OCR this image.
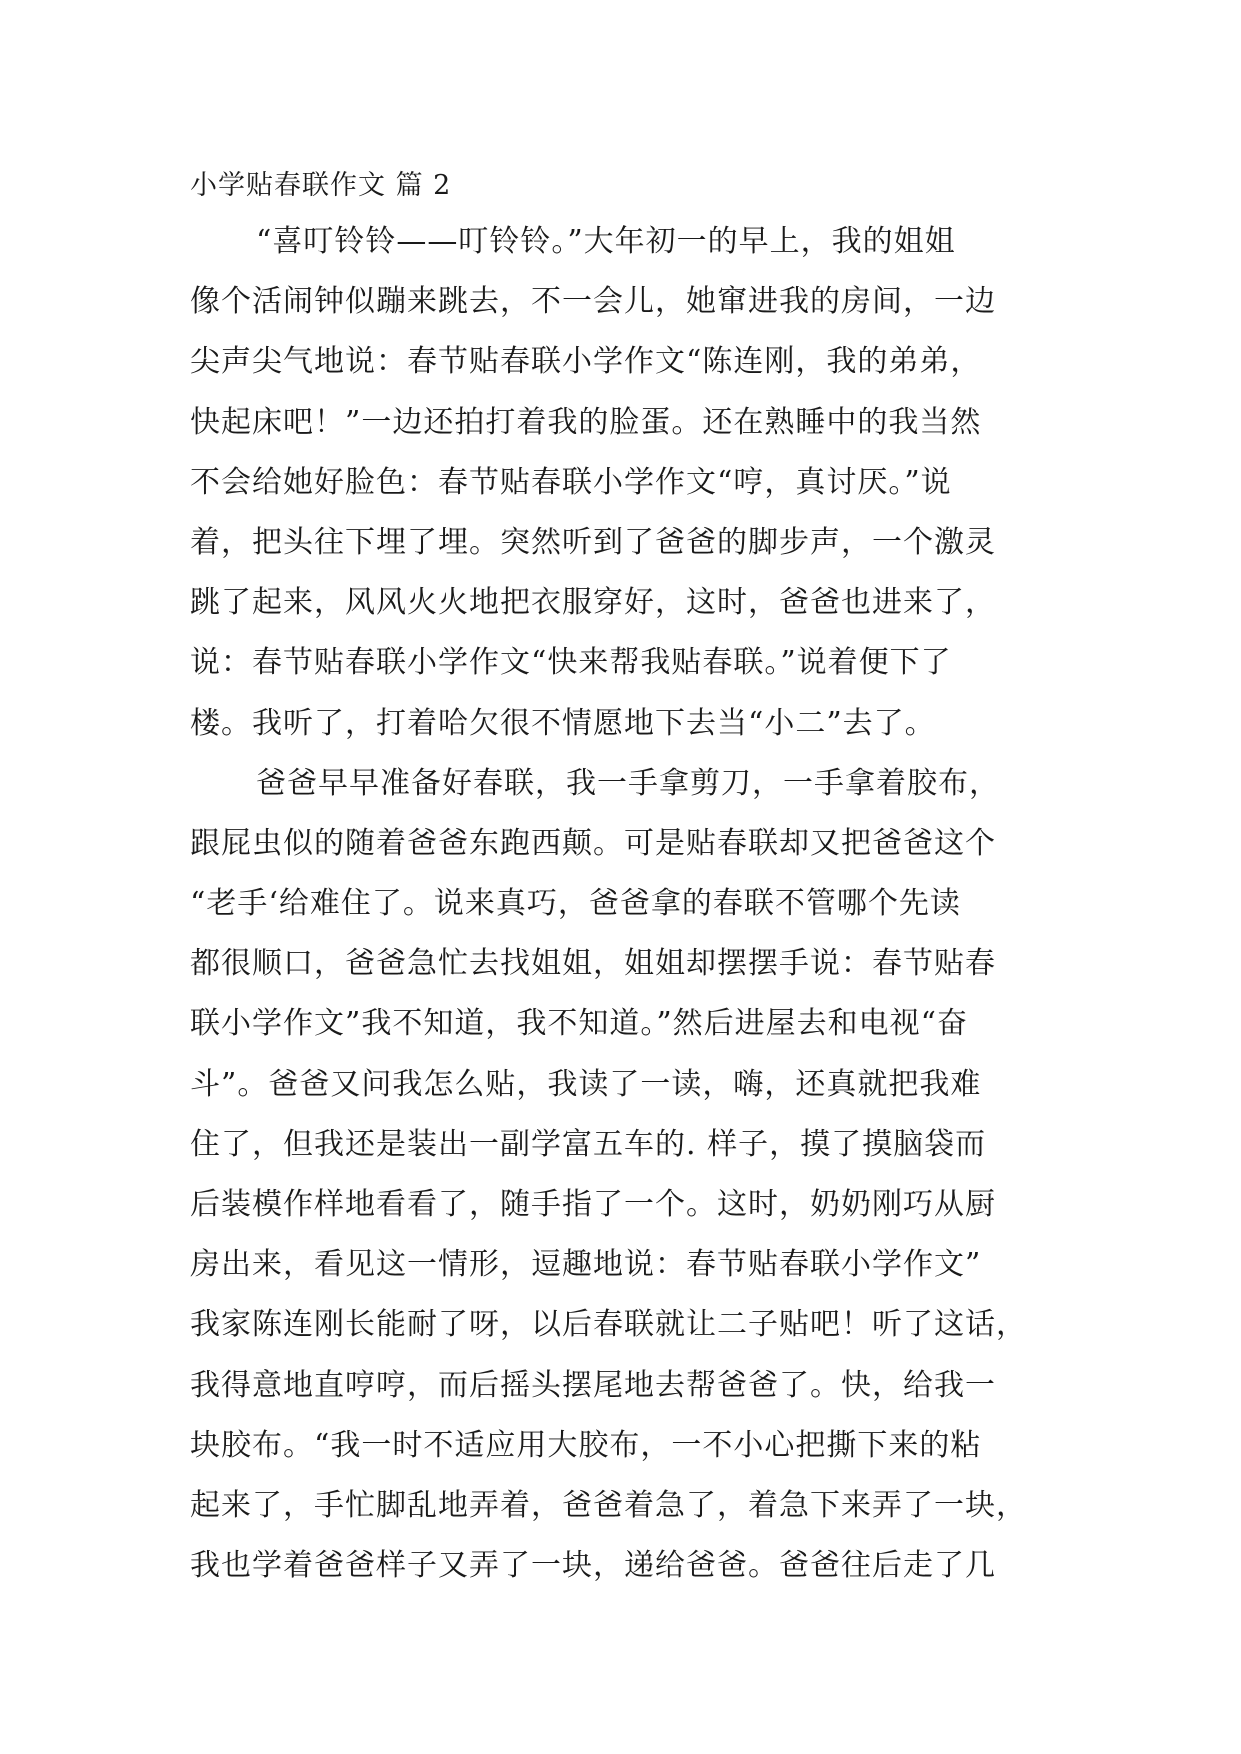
小学贴春联作文 篇 2
“喜叮铃铃——叮铃铃。”大年初一的早上，我的姐姐
像个活闹钟似蹦来跳去，不一会儿，她窜进我的房间，一边
尖声尖气地说：春节贴春联小学作文“陈连刚，我的弟弟，
快起床吧！”一边还拍打着我的脸蛋。还在熟睡中的我当然
不会给她好脸色：春节贴春联小学作文“哼，真讨厌。”说
着，把头往下埋了埋。突然听到了爸爸的脚步声，一个激灵
跳了起来，风风火火地把衣服穿好，这时，爸爸也进来了，
说：春节贴春联小学作文“快来帮我贴春联。”说着便下了
楼。我听了，打着哈欠很不情愿地下去当“小二”去了。
爸爸早早准备好春联，我一手拿剪刀，一手拿着胶布，
跟屁虫似的随着爸爸东跑西颠。可是贴春联却又把爸爸这个
“老手‘给难住了。说来真巧，爸爸拿的春联不管哪个先读
都很顺口，爸爸急忙去找姐姐，姐姐却摆摆手说：春节贴春
联小学作文”我不知道，我不知道。”然后进屋去和电视“奋
斗”。爸爸又问我怎么贴，我读了一读，嗨，还真就把我难
住了，但我还是装出一副学富五车的. 样子，摸了摸脑袋而
后装模作样地看看了，随手指了一个。这时，奶奶刚巧从厨
房出来，看见这一情形，逗趣地说：春节贴春联小学作文”
我家陈连刚长能耐了呀，以后春联就让二子贴吧！听了这话，
我得意地直哼哼，而后摇头摆尾地去帮爸爸了。快，给我一
块胶布。“我一时不适应用大胶布，一不小心把撕下来的粘
起来了，手忙脚乱地弄着，爸爸着急了，着急下来弄了一块，
我也学着爸爸样子又弄了一块，递给爸爸。爸爸往后走了几
